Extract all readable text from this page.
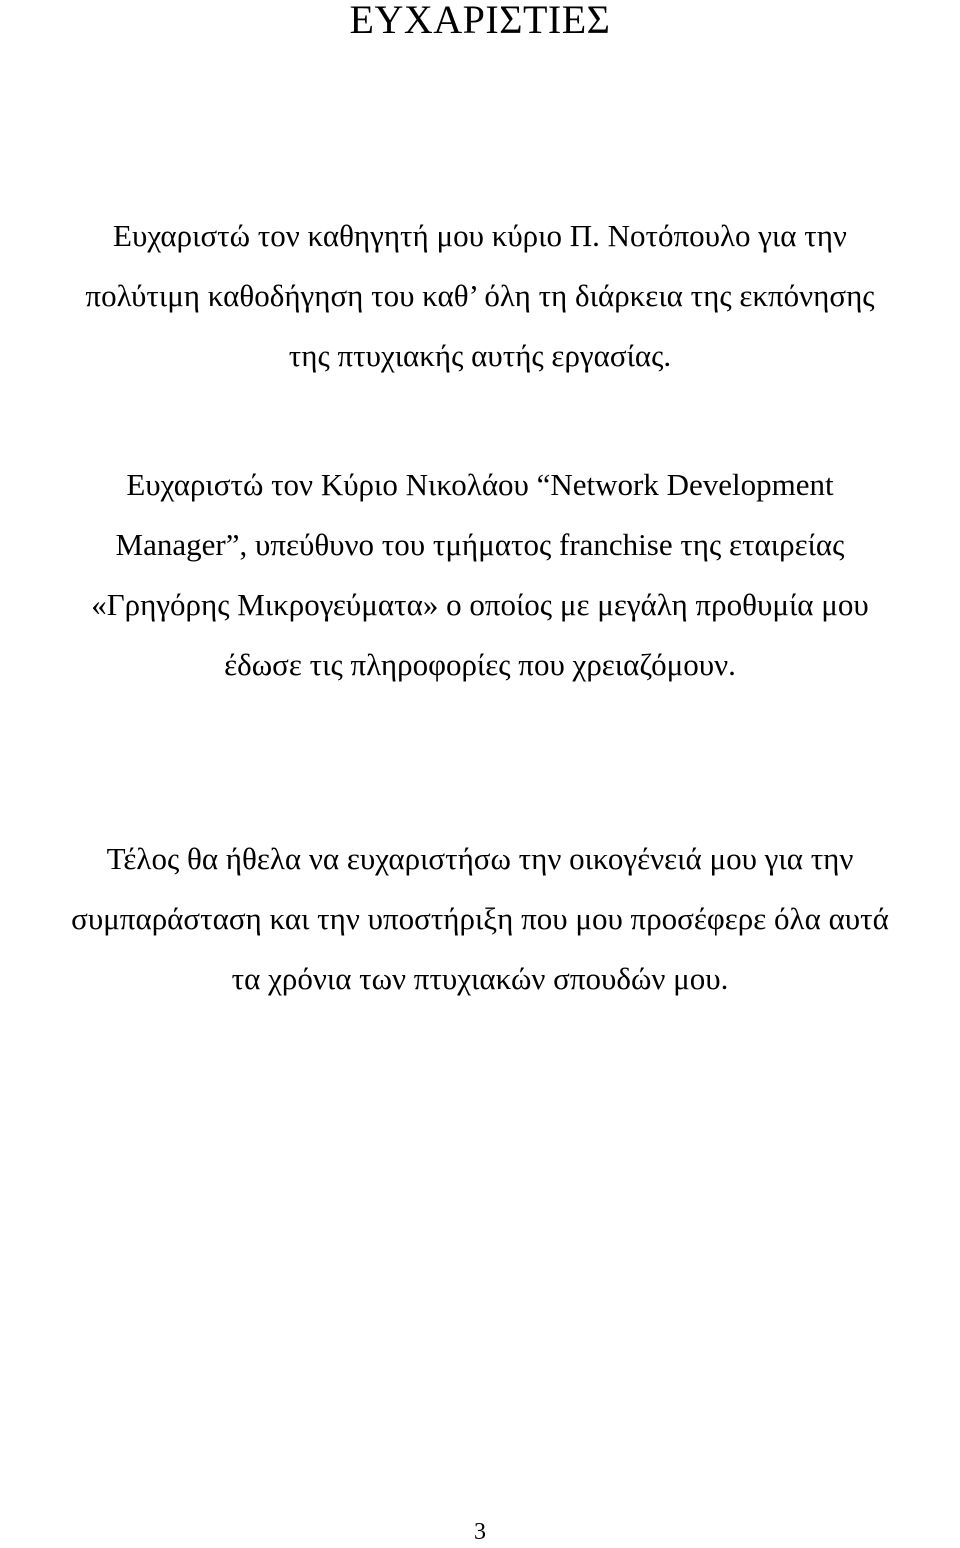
ΕΥΧΑΡΙΣΤΙΕΣ
Ευχαριστώ τον καθηγητή μου κύριο Π. Νοτόπουλο για την
πολύτιμη καθοδήγηση του καθ’ όλη τη διάρκεια της εκπόνησης
της πτυχιακής αυτής εργασίας.
Ευχαριστώ τον Κύριο Νικολάου “Network Development
Manager”, υπεύθυνο του τμήματος franchise της εταιρείας
«Γρηγόρης Μικρογεύματα» ο οποίος με μεγάλη προθυμία μου
έδωσε τις πληροφορίες που χρειαζόμουν.
Τέλος θα ήθελα να ευχαριστήσω την οικογένειά μου για την
συμπαράσταση και την υποστήριξη που μου προσέφερε όλα αυτά
τα χρόνια των πτυχιακών σπουδών μου.
3
